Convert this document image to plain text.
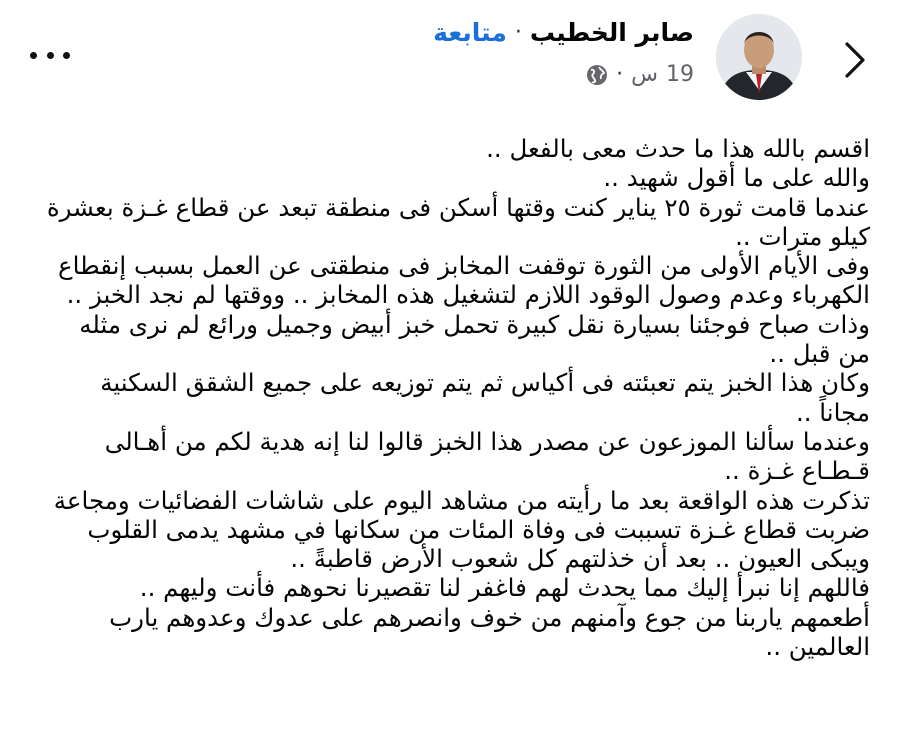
صابر الخطيب
·
متابعة
19
س
·
اقسم بالله هذا ما حدث معى بالفعل ..
والله على ما أقول شهيد ..
عندما قامت ثورة ٢٥ يناير كنت وقتها أسكن فى منطقة تبعد عن قطاع غـزة بعشرة
كيلو مترات ..
وفى الأيام الأولى من الثورة توقفت المخابز فى منطقتى عن العمل بسبب إنقطاع
الكهرباء وعدم وصول الوقود اللازم لتشغيل هذه المخابز .. ووقتها لم نجد الخبز ..
وذات صباح فوجئنا بسيارة نقل كبيرة تحمل خبز أبيض وجميل ورائع لم نرى مثله
من قبل ..
وكان هذا الخبز يتم تعبئته فى أكياس ثم يتم توزيعه على جميع الشقق السكنية
مجاناً ..
وعندما سألنا الموزعون عن مصدر هذا الخبز قالوا لنا إنه هدية لكم من أهـالى
قـطـاع غـزة ..
تذكرت هذه الواقعة بعد ما رأيته من مشاهد اليوم على شاشات الفضائيات ومجاعة
ضربت قطاع غـزة تسببت فى وفاة المئات من سكانها في مشهد يدمى القلوب
ويبكى العيون .. بعد أن خذلتهم كل شعوب الأرض قاطبةً ..
فاللهم إنا نبرأ إليك مما يحدث لهم فاغفر لنا تقصيرنا نحوهم فأنت وليهم ..
أطعمهم ياربنا من جوع وآمنهم من خوف وانصرهم على عدوك وعدوهم يارب
العالمين ..
